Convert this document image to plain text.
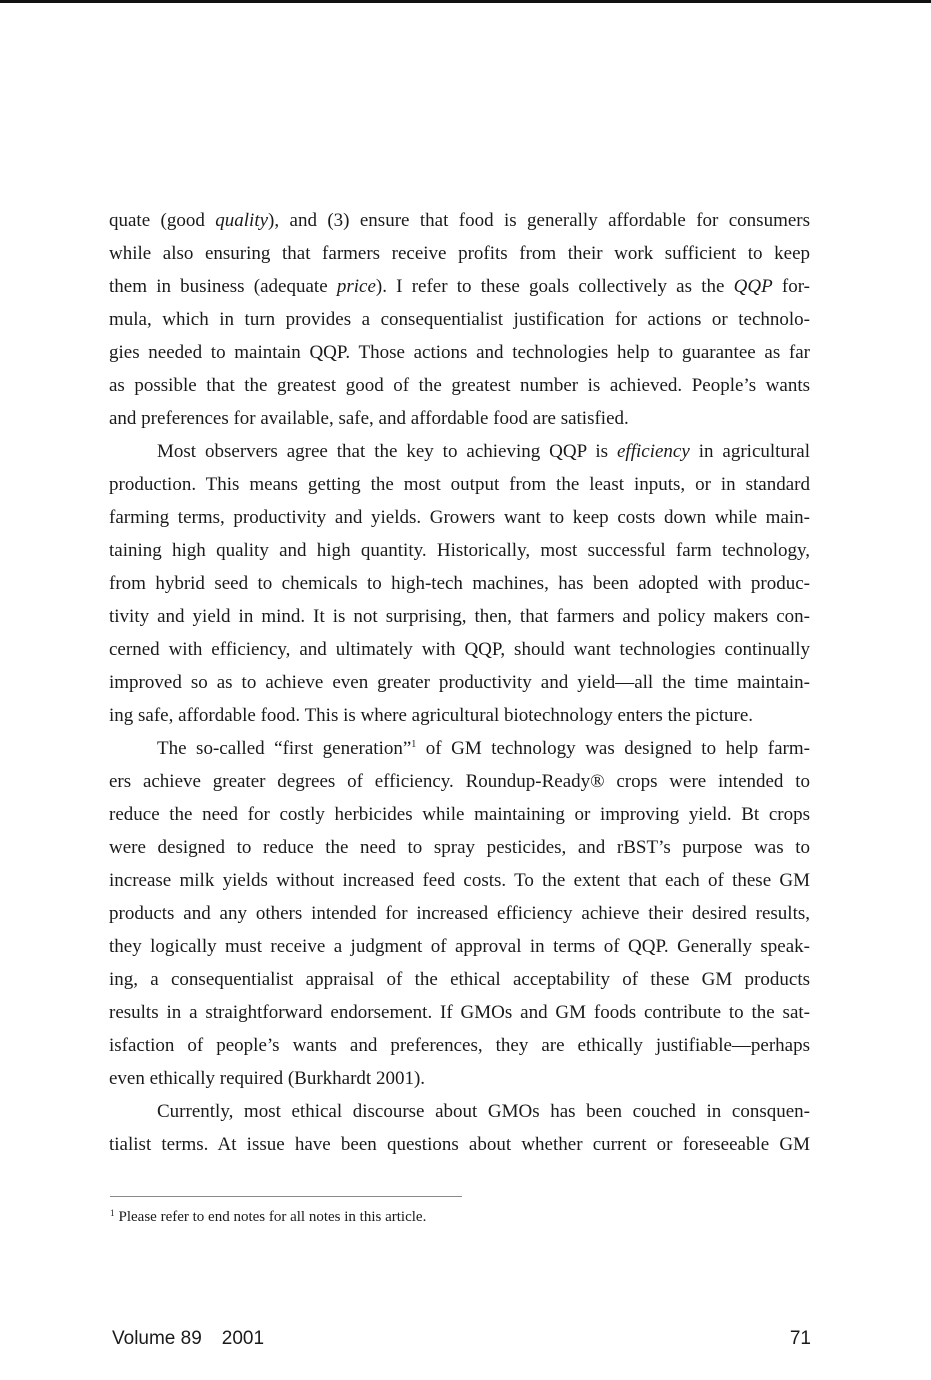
quate (good quality), and (3) ensure that food is generally affordable for consumers
while also ensuring that farmers receive profits from their work sufficient to keep
them in business (adequate price). I refer to these goals collectively as the QQP for-
mula, which in turn provides a consequentialist justification for actions or technolo-
gies needed to maintain QQP. Those actions and technologies help to guarantee as far
as possible that the greatest good of the greatest number is achieved. People’s wants
and preferences for available, safe, and affordable food are satisfied.
Most observers agree that the key to achieving QQP is efficiency in agricultural
production. This means getting the most output from the least inputs, or in standard
farming terms, productivity and yields. Growers want to keep costs down while main-
taining high quality and high quantity. Historically, most successful farm technology,
from hybrid seed to chemicals to high-tech machines, has been adopted with produc-
tivity and yield in mind. It is not surprising, then, that farmers and policy makers con-
cerned with efficiency, and ultimately with QQP, should want technologies continually
improved so as to achieve even greater productivity and yield—all the time maintain-
ing safe, affordable food. This is where agricultural biotechnology enters the picture.
The so-called “first generation”$^1$ of GM technology was designed to help farm-
ers achieve greater degrees of efficiency. Roundup-Ready® crops were intended to
reduce the need for costly herbicides while maintaining or improving yield. Bt crops
were designed to reduce the need to spray pesticides, and rBST’s purpose was to
increase milk yields without increased feed costs. To the extent that each of these GM
products and any others intended for increased efficiency achieve their desired results,
they logically must receive a judgment of approval in terms of QQP. Generally speak-
ing, a consequentialist appraisal of the ethical acceptability of these GM products
results in a straightforward endorsement. If GMOs and GM foods contribute to the sat-
isfaction of people’s wants and preferences, they are ethically justifiable—perhaps
even ethically required (Burkhardt 2001).
Currently, most ethical discourse about GMOs has been couched in consquen-
tialist terms. At issue have been questions about whether current or foreseeable GM
$^1$ Please refer to end notes for all notes in this article.
Volume 89 2001	71
